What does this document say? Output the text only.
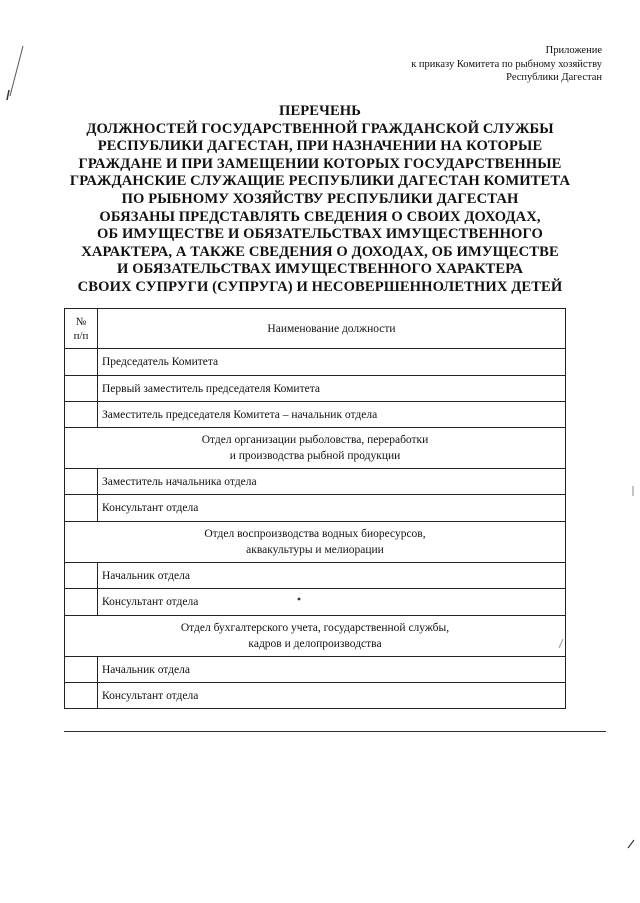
Приложение
к приказу Комитета по рыбному хозяйству
Республики Дагестан
ПЕРЕЧЕНЬ
ДОЛЖНОСТЕЙ ГОСУДАРСТВЕННОЙ ГРАЖДАНСКОЙ СЛУЖБЫ
РЕСПУБЛИКИ ДАГЕСТАН, ПРИ НАЗНАЧЕНИИ НА КОТОРЫЕ
ГРАЖДАНЕ И ПРИ ЗАМЕЩЕНИИ КОТОРЫХ ГОСУДАРСТВЕННЫЕ
ГРАЖДАНСКИЕ СЛУЖАЩИЕ РЕСПУБЛИКИ ДАГЕСТАН КОМИТЕТА
ПО РЫБНОМУ ХОЗЯЙСТВУ РЕСПУБЛИКИ ДАГЕСТАН
ОБЯЗАНЫ ПРЕДСТАВЛЯТЬ СВЕДЕНИЯ О СВОИХ ДОХОДАХ,
ОБ ИМУЩЕСТВЕ И ОБЯЗАТЕЛЬСТВАХ ИМУЩЕСТВЕННОГО
ХАРАКТЕРА, А ТАКЖЕ СВЕДЕНИЯ О ДОХОДАХ, ОБ ИМУЩЕСТВЕ
И ОБЯЗАТЕЛЬСТВАХ ИМУЩЕСТВЕННОГО ХАРАКТЕРА
СВОИХ СУПРУГИ (СУПРУГА) И НЕСОВЕРШЕННОЛЕТНИХ ДЕТЕЙ
№
п/п	Наименование должности
	Председатель Комитета
	Первый заместитель председателя Комитета
	Заместитель председателя Комитета – начальник отдела

Отдел организации рыболовства, переработки
и производства рыбной продукции	

	Заместитель начальника отдела
	Консультант отдела

Отдел воспроизводства водных биоресурсов,
аквакультуры и мелиорации	

	Начальник отдела
	Консультант отдела

Отдел бухгалтерского учета, государственной службы,
кадров и делопроизводства	

	Начальник отдела
	Консультант отдела
